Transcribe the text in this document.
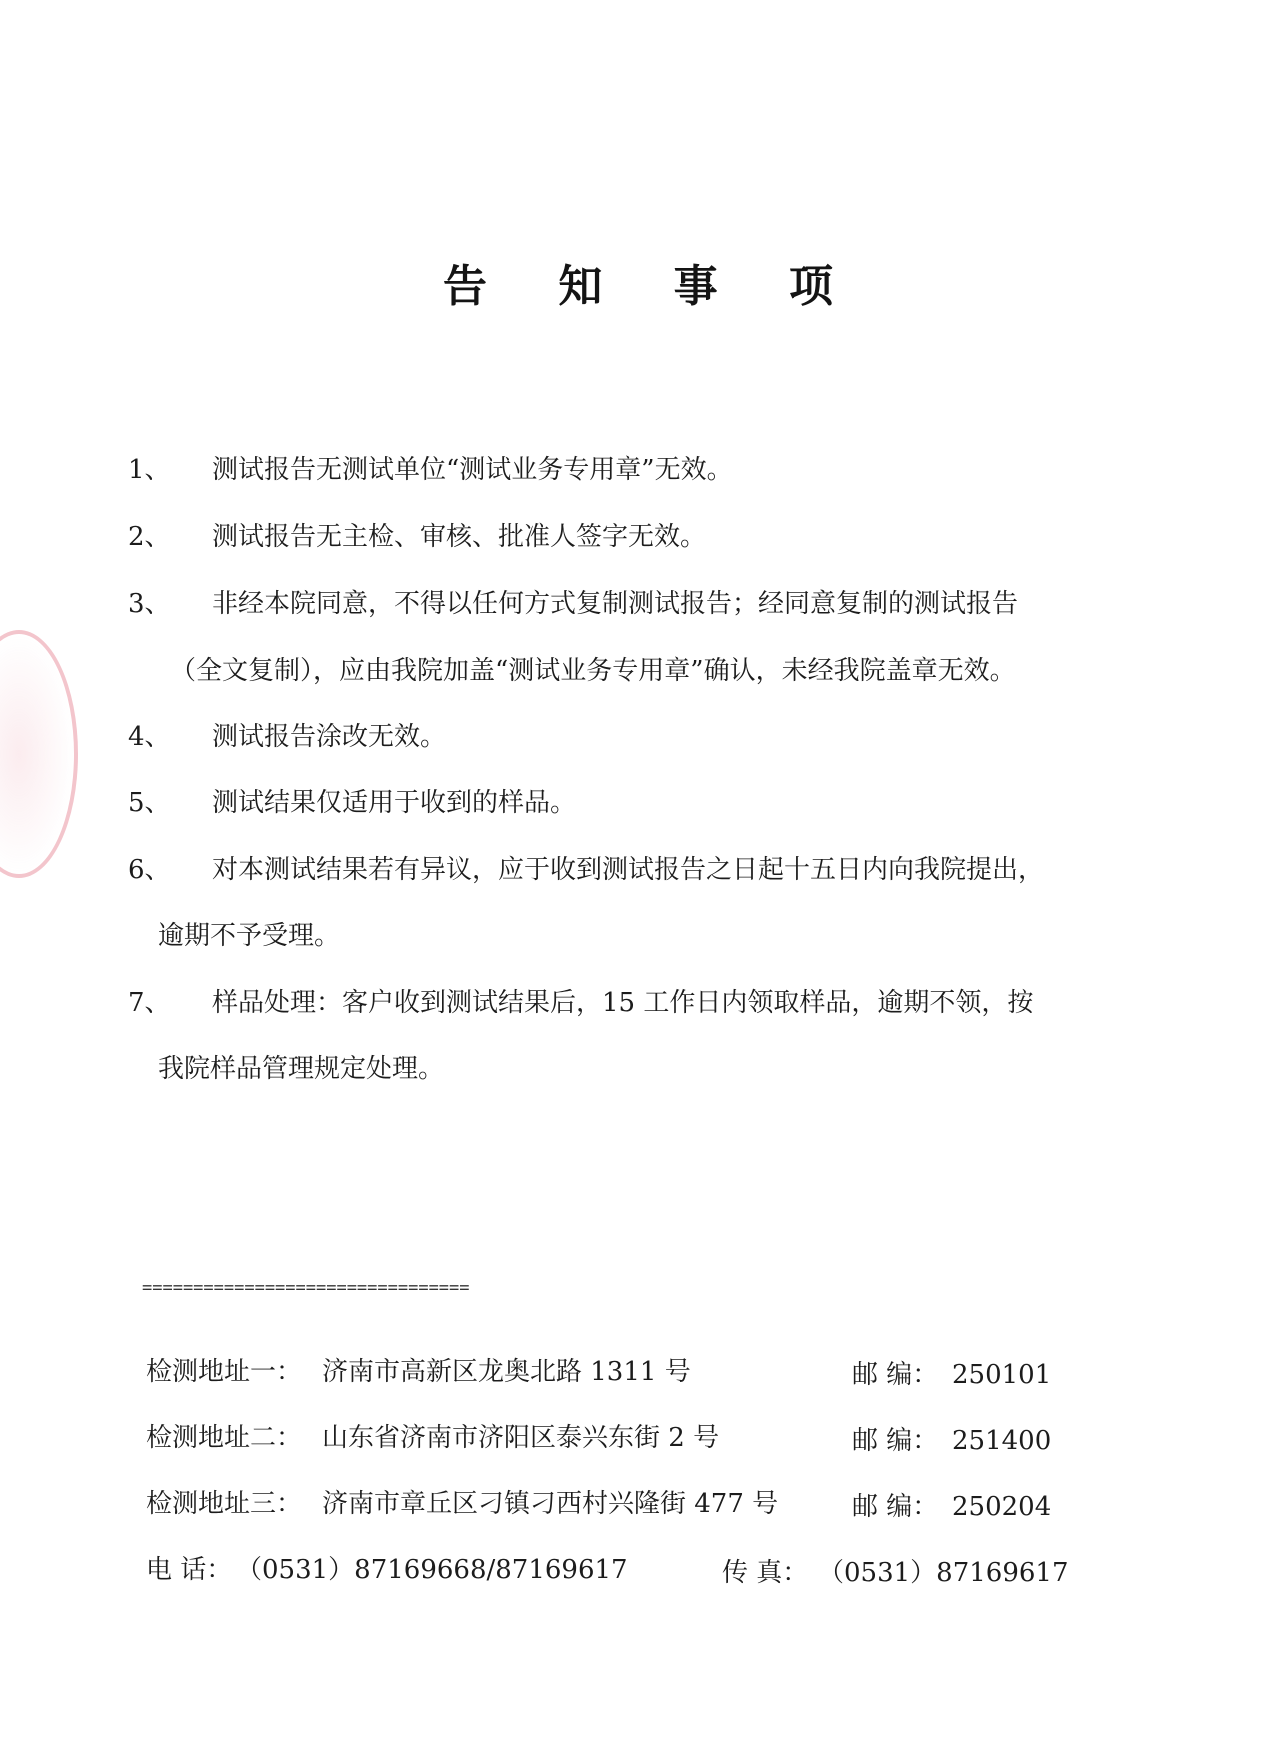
告 知 事 项
1、 测试报告无测试单位“测试业务专用章”无效。
2、 测试报告无主检、审核、批准人签字无效。
3、 非经本院同意，不得以任何方式复制测试报告；经同意复制的测试报告
（全文复制），应由我院加盖“测试业务专用章”确认，未经我院盖章无效。
4、 测试报告涂改无效。
5、 测试结果仅适用于收到的样品。
6、 对本测试结果若有异议，应于收到测试报告之日起十五日内向我院提出，
逾期不予受理。
7、 样品处理：客户收到测试结果后，15 工作日内领取样品，逾期不领，按
我院样品管理规定处理。
================================
检测地址一： 济南市高新区龙奥北路 1311 号	邮 编： 250101
检测地址二： 山东省济南市济阳区泰兴东街 2 号	邮 编： 251400
检测地址三： 济南市章丘区刁镇刁西村兴隆街 477 号	邮 编： 250204
电 话： （0531）87169668/87169617	传 真： （0531）87169617
